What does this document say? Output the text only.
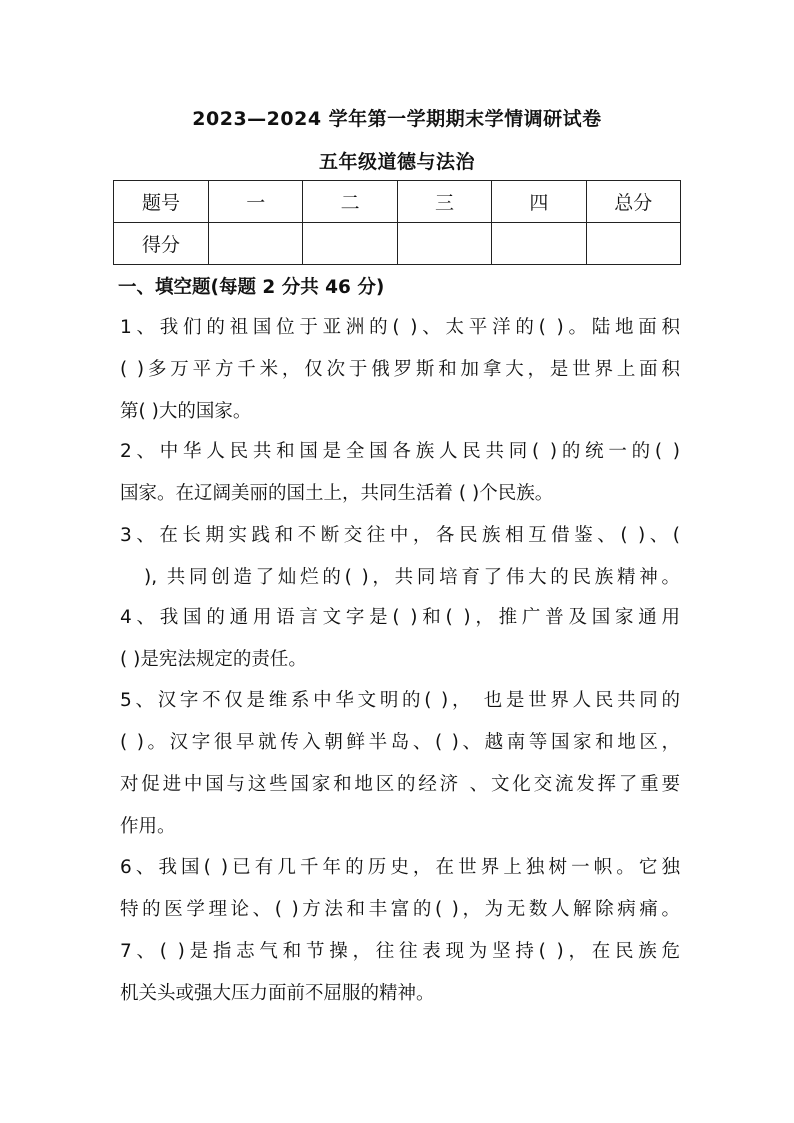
2023—2024 学年第一学期期末学情调研试卷
五年级道德与法治
题号	一	二	三	四	总分
得分					
一、填空题(每题 2 分共 46 分)
1、我们的祖国位于亚洲的( )、太平洋的( )。陆地面积
( )多万平方千米，仅次于俄罗斯和加拿大，是世界上面积
第( )大的国家。
2、中华人民共和国是全国各族人民共同( )的统一的( )
国家。在辽阔美丽的国土上，共同生活着 ( )个民族。
3、在长期实践和不断交往中，各民族相互借鉴、( )、(
), 共同创造了灿烂的( )，共同培育了伟大的民族精神。
4、我国的通用语言文字是( )和( )，推广普及国家通用
( )是宪法规定的责任。
5、汉字不仅是维系中华文明的( )， 也是世界人民共同的
( )。汉字很早就传入朝鲜半岛、( )、越南等国家和地区，
对促进中国与这些国家和地区的经济 、文化交流发挥了重要
作用。
6、我国( )已有几千年的历史，在世界上独树一帜。它独
特的医学理论、( )方法和丰富的( )，为无数人解除病痛。
7、( )是指志气和节操，往往表现为坚持( )，在民族危
机关头或强大压力面前不屈服的精神。
